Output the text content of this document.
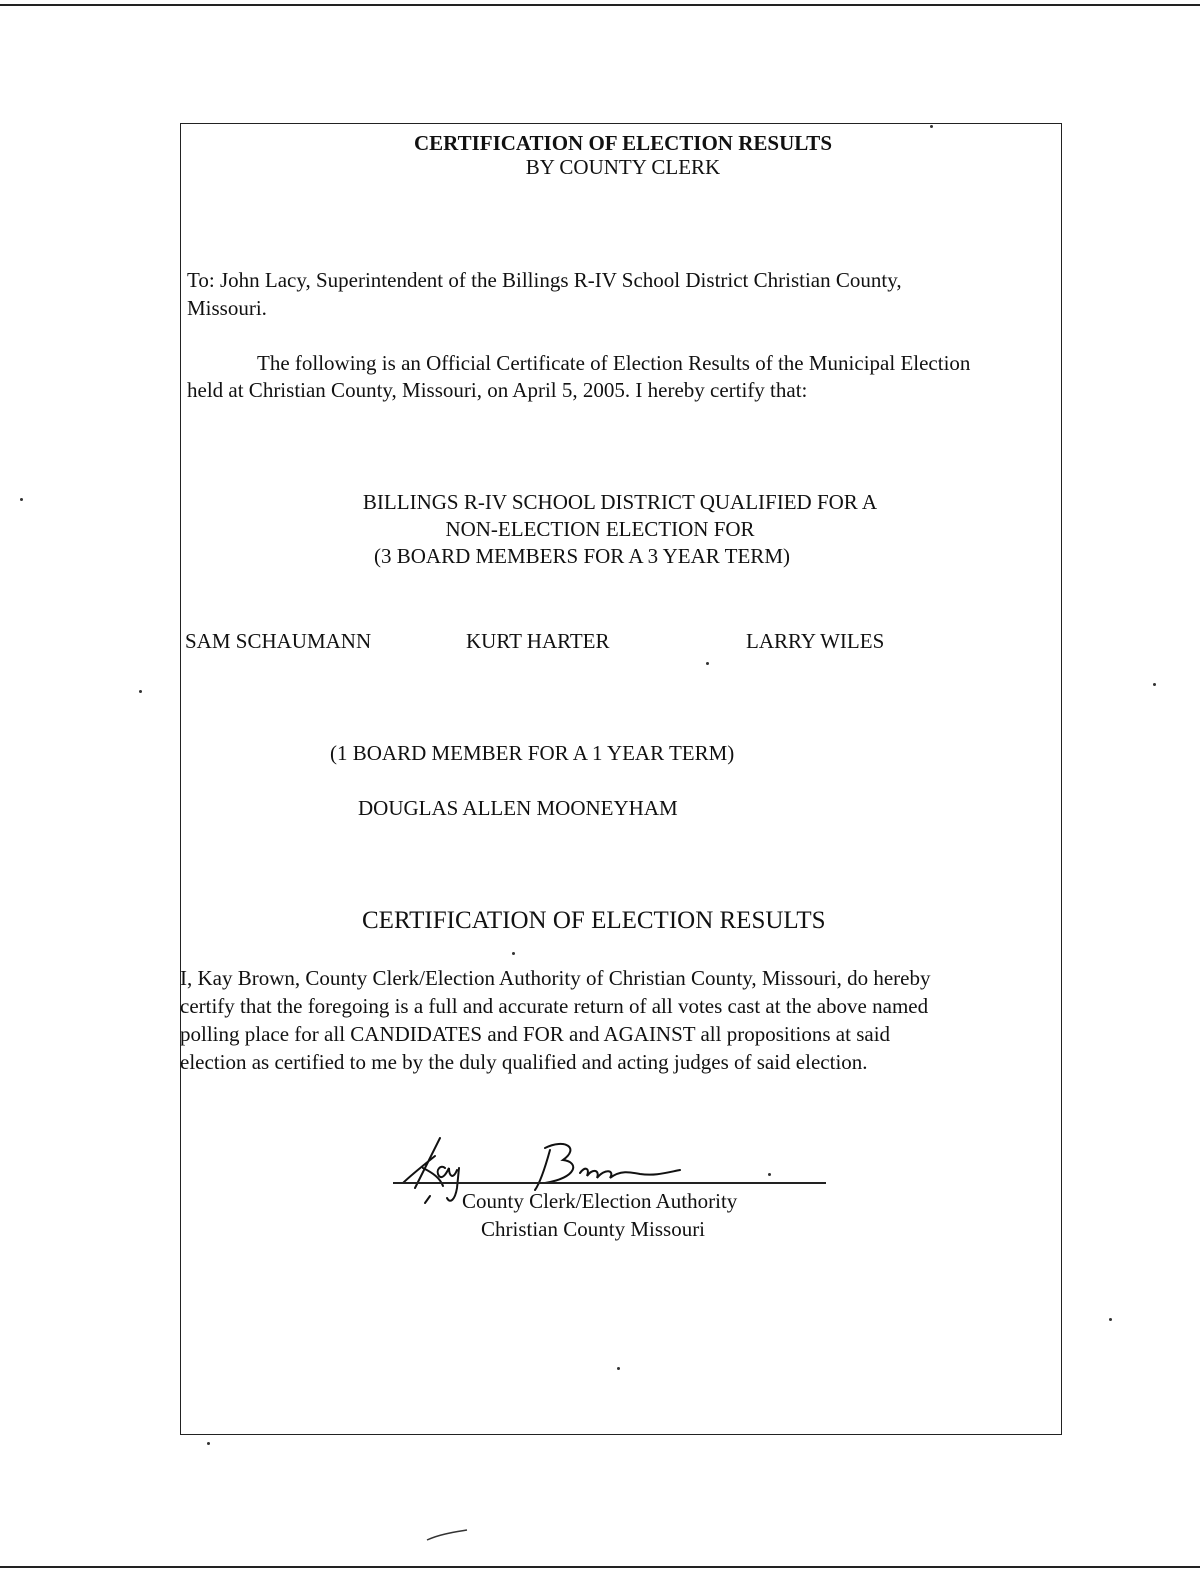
CERTIFICATION OF ELECTION RESULTS
BY COUNTY CLERK
To: John Lacy, Superintendent of the Billings R-IV School District Christian County,
Missouri.
The following is an Official Certificate of Election Results of the Municipal Election
held at Christian County, Missouri, on April 5, 2005. I hereby certify that:
BILLINGS R-IV SCHOOL DISTRICT QUALIFIED FOR A
NON-ELECTION ELECTION FOR
(3 BOARD MEMBERS FOR A 3 YEAR TERM)
SAM SCHAUMANN	KURT HARTER	LARRY WILES
(1 BOARD MEMBER FOR A 1 YEAR TERM)
DOUGLAS ALLEN MOONEYHAM
CERTIFICATION OF ELECTION RESULTS
I, Kay Brown, County Clerk/Election Authority of Christian County, Missouri, do hereby
certify that the foregoing is a full and accurate return of all votes cast at the above named
polling place for all CANDIDATES and FOR and AGAINST all propositions at said
election as certified to me by the duly qualified and acting judges of said election.
County Clerk/Election Authority
Christian County Missouri
